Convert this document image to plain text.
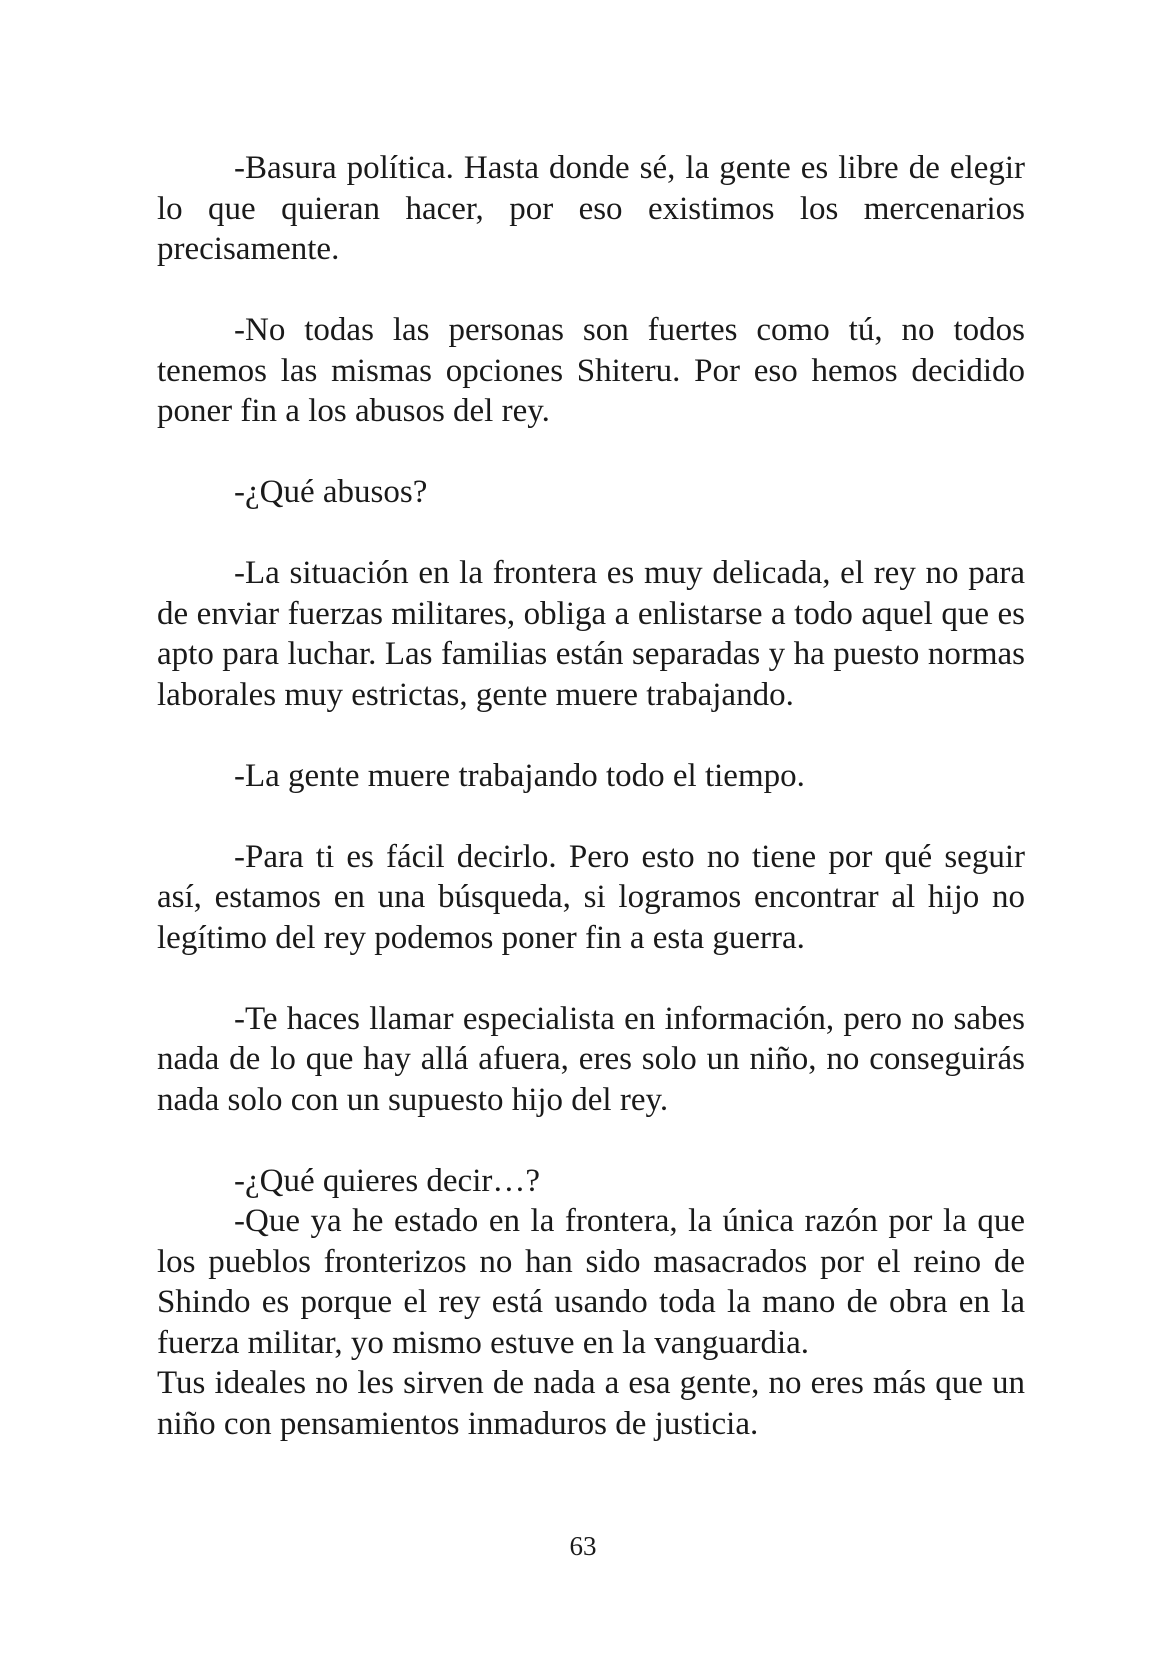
-Basura política. Hasta donde sé, la gente es libre de elegir lo que quieran hacer, por eso existimos los mercenarios precisamente.

-No todas las personas son fuertes como tú, no todos tenemos las mismas opciones Shiteru. Por eso hemos decidido poner fin a los abusos del rey.

-¿Qué abusos?

-La situación en la frontera es muy delicada, el rey no para de enviar fuerzas militares, obliga a enlistarse a todo aquel que es apto para luchar. Las familias están separadas y ha puesto normas laborales muy estrictas, gente muere trabajando.

-La gente muere trabajando todo el tiempo.

-Para ti es fácil decirlo. Pero esto no tiene por qué seguir así, estamos en una búsqueda, si logramos encontrar al hijo no legítimo del rey podemos poner fin a esta guerra.

-Te haces llamar especialista en información, pero no sabes nada de lo que hay allá afuera, eres solo un niño, no conseguirás nada solo con un supuesto hijo del rey.

-¿Qué quieres decir…?

-Que ya he estado en la frontera, la única razón por la que los pueblos fronterizos no han sido masacrados por el reino de Shindo es porque el rey está usando toda la mano de obra en la fuerza militar, yo mismo estuve en la vanguardia.

Tus ideales no les sirven de nada a esa gente, no eres más que un niño con pensamientos inmaduros de justicia.

63
